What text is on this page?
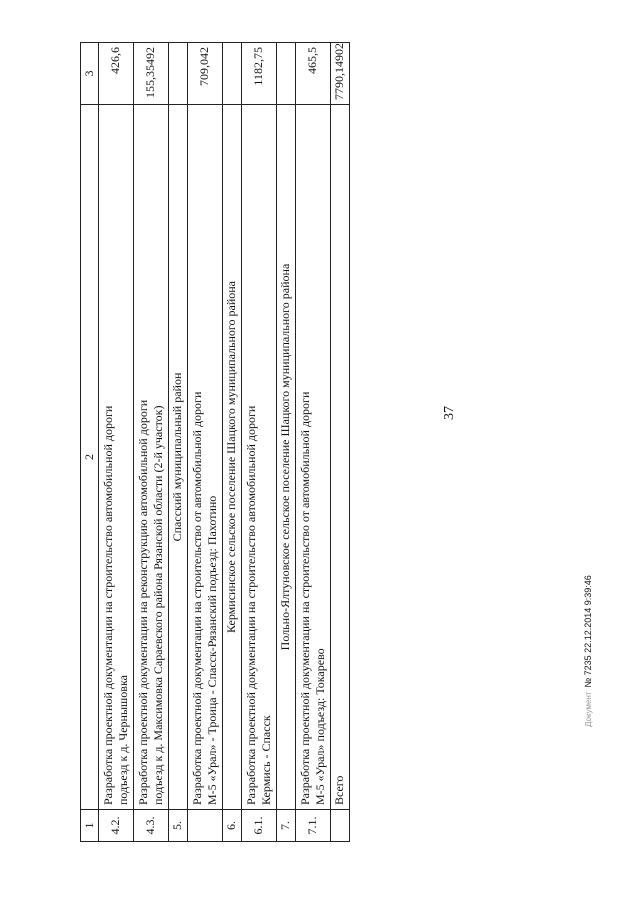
37
1	2	3
4.2.	Разработка проектной документации на строительство автомобильной дороги подъезд к д. Чернышовка	426,6
4.3.	Разработка проектной документации на реконструкцию автомобильной дороги подъезд к д. Максимовка Сараевского района Рязанской области (2-й участок)	155,35492
5.	Спасский муниципальный район	

	Разработка проектной документации на строительство от автомобильной дороги М-5 «Урал» - Троица - Спасск-Рязанский подъезд: Пахотино	709,042
6.	Кермисинское сельское поселение Шацкого муниципального района	
6.1.	Разработка проектной документации на строительство автомобильной дороги Кермись - Спасск	1182,75
7.	Польно-Ялтуновское сельское поселение Шацкого муниципального района	
7.1.	Разработка проектной документации на строительство от автомобильной дороги М-5 «Урал» подъезд: Токарево	465,5
	Всего	7790,14902
Документ№ 7235 22.12.2014 9:39:46
